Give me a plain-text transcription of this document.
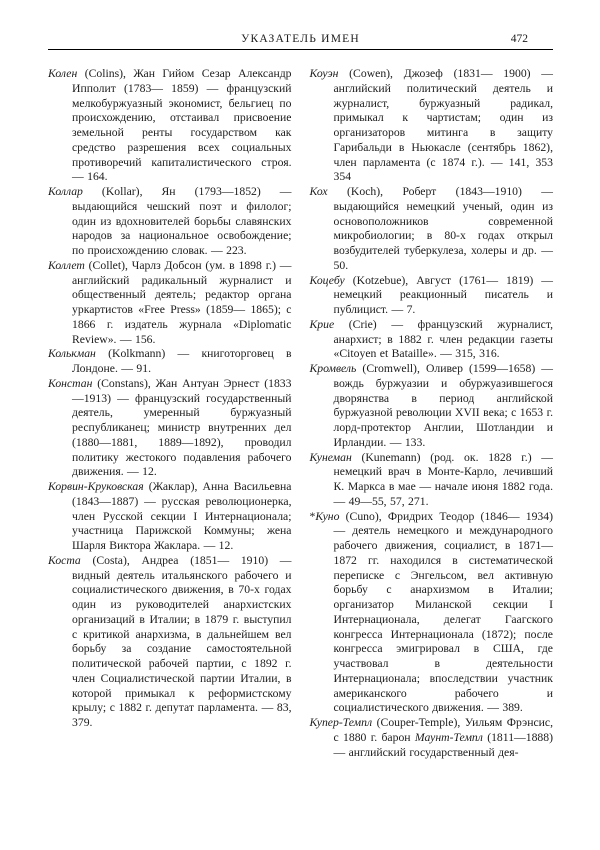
УКАЗАТЕЛЬ ИМЕН	472

Колен (Colins), Жан Гийом Сезар Александр Ипполит (1783— 1859) — французский мелкобуржуазный экономист, бельгиец по происхождению, отстаивал присвоение земельной ренты государством как средство разрешения всех социальных противоречий капиталистического строя. — 164.

Коллар (Kollar), Ян (1793—1852) — выдающийся чешский поэт и филолог; один из вдохновителей борьбы славянских народов за национальное освобождение; по происхождению словак. — 223.

Коллет (Collet), Чарлз Добсон (ум. в 1898 г.) — английский радикальный журналист и общественный деятель; редактор органа уркартистов «Free Press» (1859— 1865); с 1866 г. издатель журнала «Diplomatic Review». — 156.

Колькман (Kolkmann) — книготорговец в Лондоне. — 91.

Констан (Constans), Жан Антуан Эрнест (1833—1913) — французский государственный деятель, умеренный буржуазный республиканец; министр внутренних дел (1880—1881, 1889—1892), проводил политику жестокого подавления рабочего движения. — 12.

Корвин-Круковская (Жаклар), Анна Васильевна (1843—1887) — русская революционерка, член Русской секции I Интернационала; участница Парижской Коммуны; жена Шарля Виктора Жаклара. — 12.

Коста (Costa), Андреа (1851— 1910) — видный деятель итальянского рабочего и социалистического движения, в 70-х годах один из руководителей анархистских организаций в Италии; в 1879 г. выступил с критикой анархизма, в дальнейшем вел борьбу за создание самостоятельной политической рабочей партии, с 1892 г. член Социалистической партии Италии, в которой примыкал к реформистскому крылу; с 1882 г. депутат парламента. — 83, 379.

Коуэн (Cowen), Джозеф (1831— 1900) — английский политический деятель и журналист, буржуазный радикал, примыкал к чартистам; один из организаторов митинга в защиту Гарибальди в Ньюкасле (сентябрь 1862), член парламента (с 1874 г.). — 141, 353 354

Кох (Koch), Роберт (1843—1910) — выдающийся немецкий ученый, один из основоположников современной микробиологии; в 80-х годах открыл возбудителей туберкулеза, холеры и др. — 50.

Коцебу (Kotzebue), Август (1761— 1819) — немецкий реакционный писатель и публицист. — 7.

Крие (Crie) — французский журналист, анархист; в 1882 г. член редакции газеты «Citoyen et Bataille». — 315, 316.

Кромвель (Cromwell), Оливер (1599—1658) — вождь буржуазии и обуржуазившегося дворянства в период английской буржуазной революции XVII века; с 1653 г. лорд-протектор Англии, Шотландии и Ирландии. — 133.

Кунеман (Kunemann) (род. ок. 1828 г.) — немецкий врач в Монте-Карло, лечивший К. Маркса в мае — начале июня 1882 года. — 49—55, 57, 271.

*Куно (Cuno), Фридрих Теодор (1846— 1934) — деятель немецкого и международного рабочего движения, социалист, в 1871— 1872 гг. находился в систематической переписке с Энгельсом, вел активную борьбу с анархизмом в Италии; организатор Миланской секции I Интернационала, делегат Гаагского конгресса Интернационала (1872); после конгресса эмигрировал в США, где участвовал в деятельности Интернационала; впоследствии участник американского рабочего и социалистического движения. — 389.

Купер-Темпл (Couper-Temple), Уильям Фрэнсис, с 1880 г. барон Маунт-Темпл (1811—1888) — английский государственный дея-
